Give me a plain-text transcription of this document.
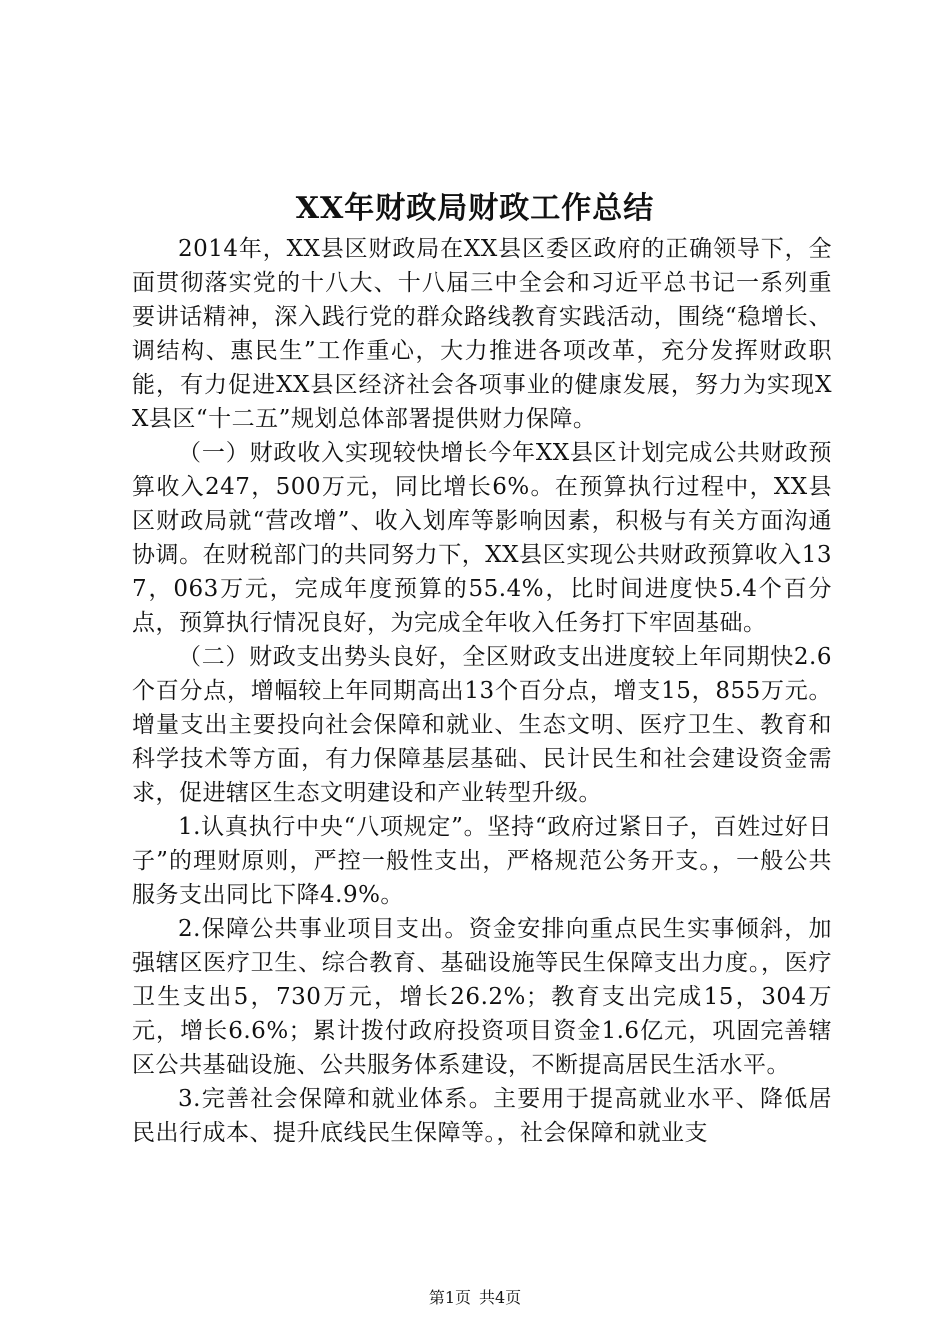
XX年财政局财政工作总结

2014年，XX县区财政局在XX县区委区政府的正确领导下，全面贯彻落实党的十八大、十八届三中全会和习近平总书记一系列重要讲话精神，深入践行党的群众路线教育实践活动，围绕“稳增长、调结构、惠民生”工作重心，大力推进各项改革，充分发挥财政职能，有力促进XX县区经济社会各项事业的健康发展，努力为实现XX县区“十二五”规划总体部署提供财力保障。

（一）财政收入实现较快增长今年XX县区计划完成公共财政预算收入247，500万元，同比增长6%。在预算执行过程中，XX县区财政局就“营改增”、收入划库等影响因素，积极与有关方面沟通协调。在财税部门的共同努力下，XX县区实现公共财政预算收入137，063万元，完成年度预算的55.4%，比时间进度快5.4个百分点，预算执行情况良好，为完成全年收入任务打下牢固基础。

（二）财政支出势头良好，全区财政支出进度较上年同期快2.6个百分点，增幅较上年同期高出13个百分点，增支15，855万元。增量支出主要投向社会保障和就业、生态文明、医疗卫生、教育和科学技术等方面，有力保障基层基础、民计民生和社会建设资金需求，促进辖区生态文明建设和产业转型升级。

1.认真执行中央“八项规定”。坚持“政府过紧日子，百姓过好日子”的理财原则，严控一般性支出，严格规范公务开支。，一般公共服务支出同比下降4.9%。

2.保障公共事业项目支出。资金安排向重点民生实事倾斜，加强辖区医疗卫生、综合教育、基础设施等民生保障支出力度。，医疗卫生支出5，730万元，增长26.2%；教育支出完成15，304万元，增长6.6%；累计拨付政府投资项目资金1.6亿元，巩固完善辖区公共基础设施、公共服务体系建设，不断提高居民生活水平。

3.完善社会保障和就业体系。主要用于提高就业水平、降低居民出行成本、提升底线民生保障等。，社会保障和就业支

第1页 共4页
